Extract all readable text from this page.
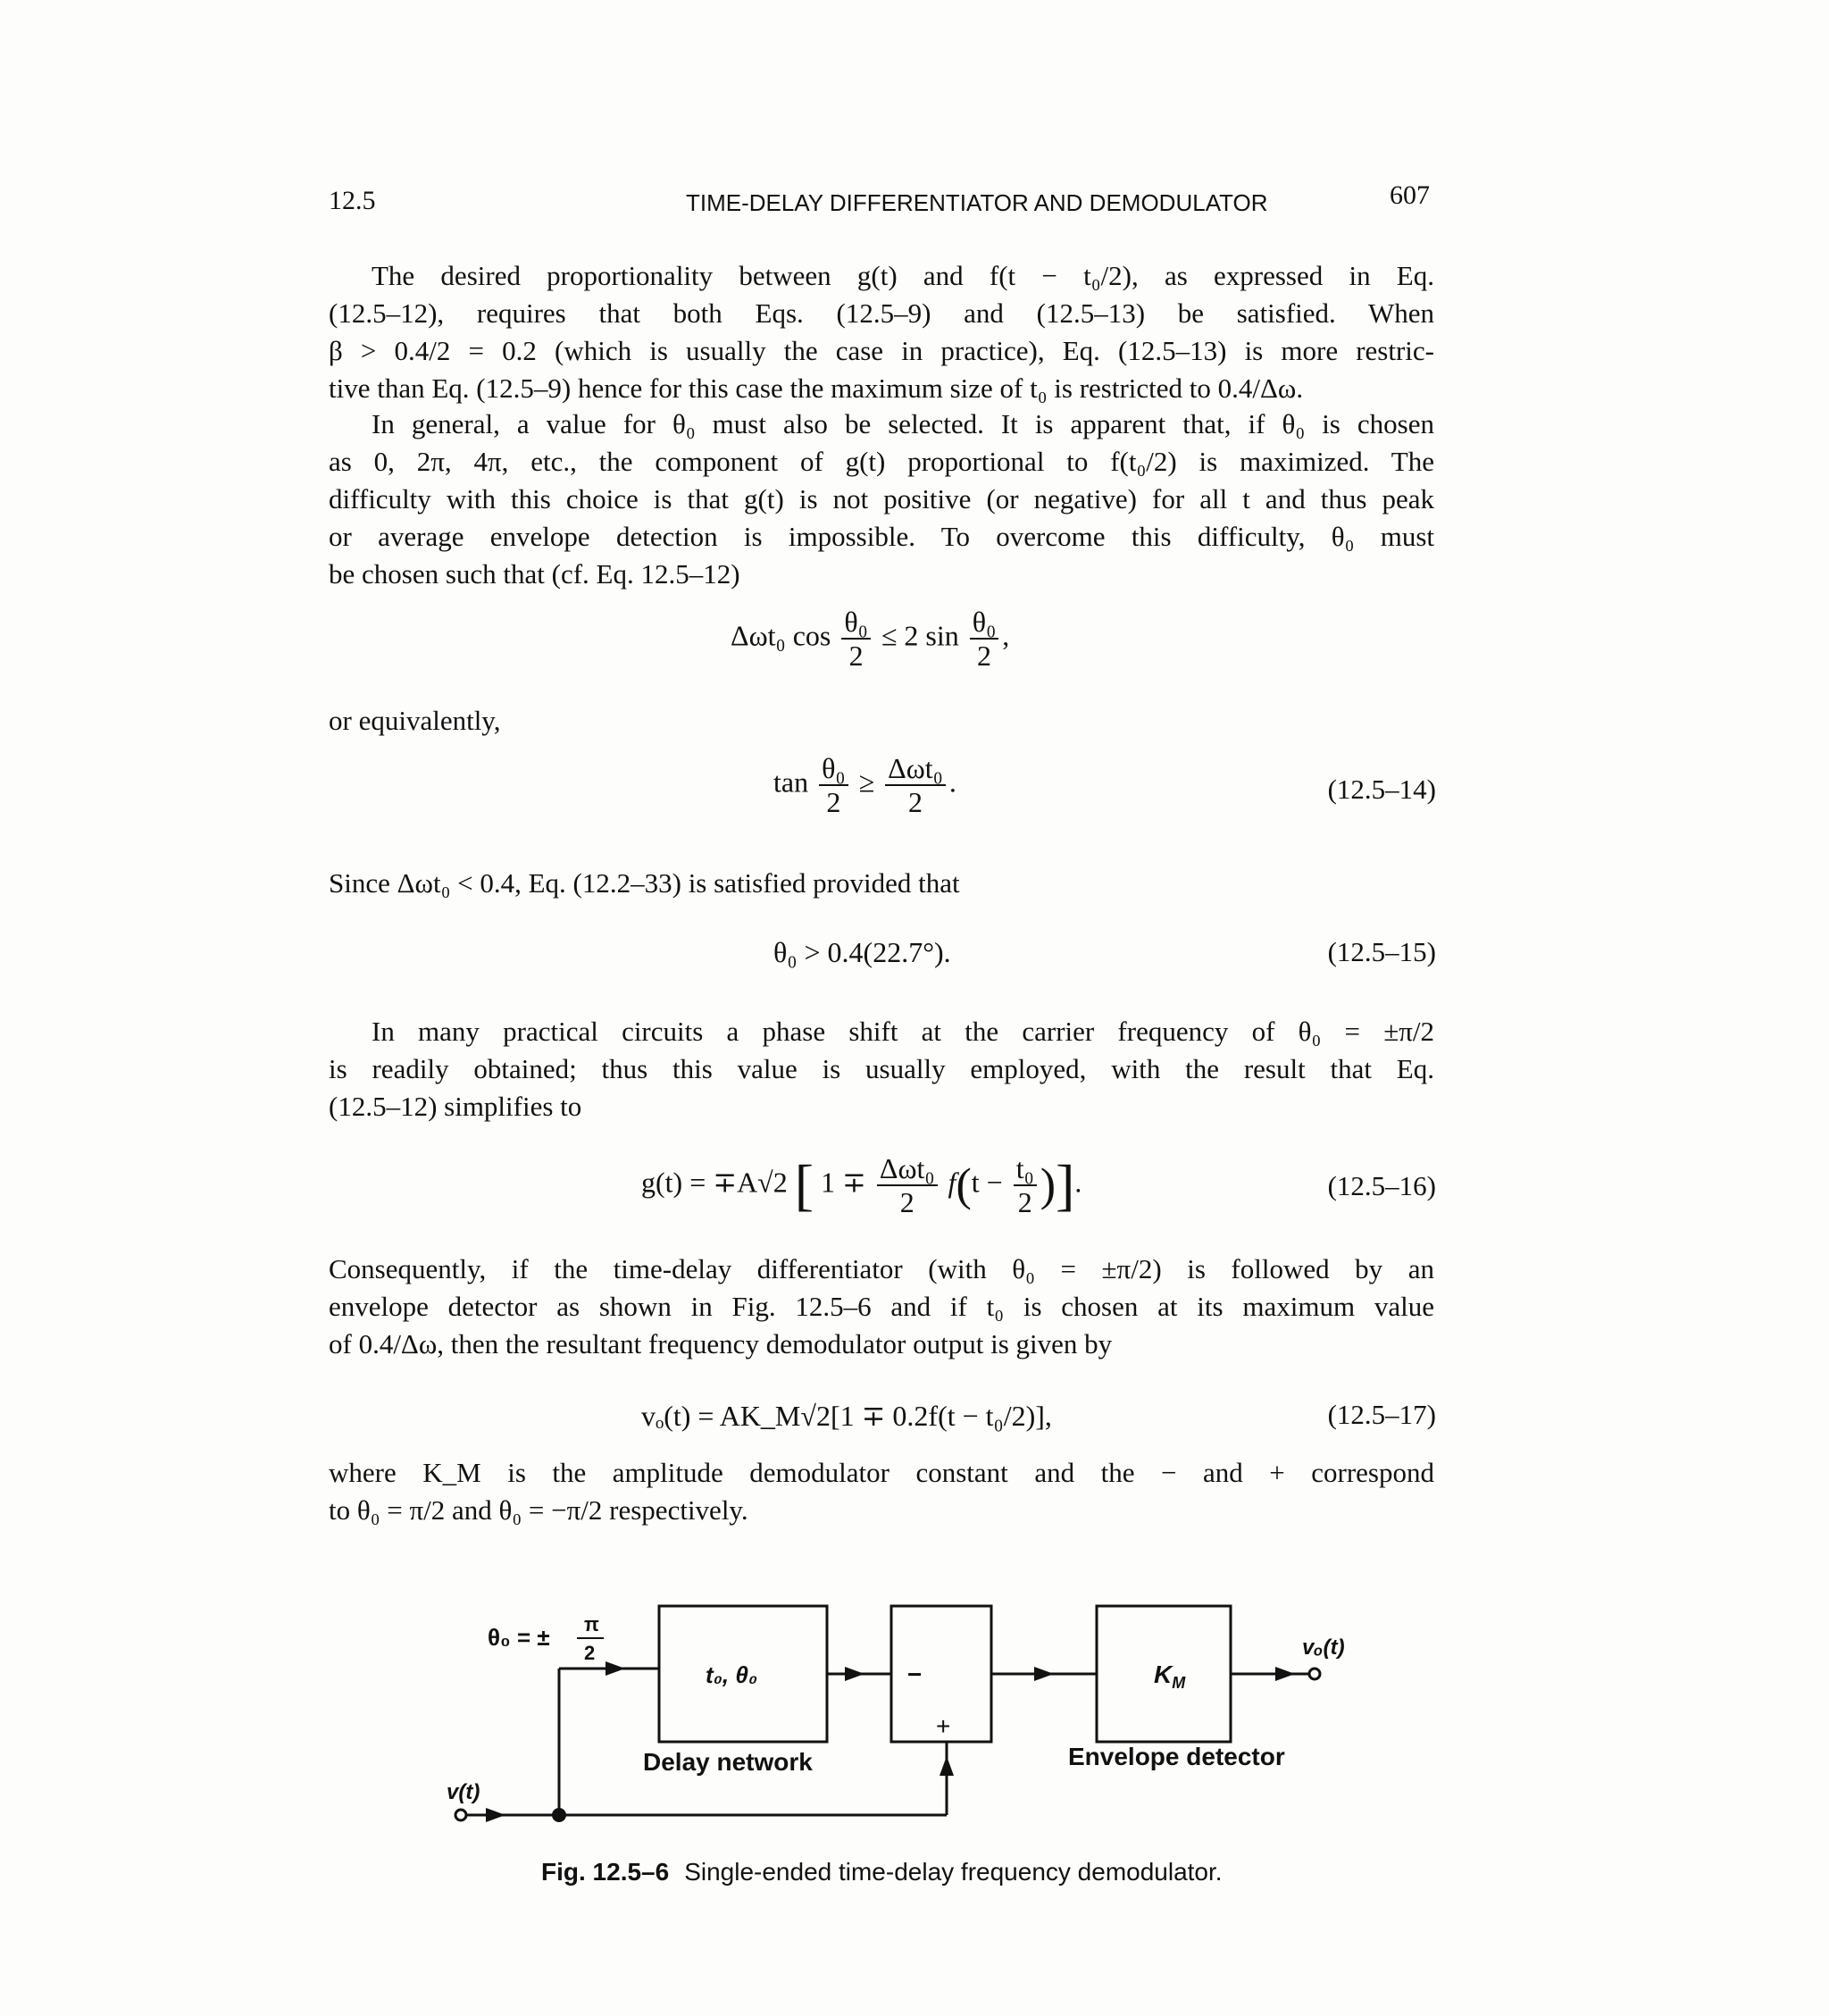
12.5	TIME-DELAY DIFFERENTIATOR AND DEMODULATOR	607
The desired proportionality between g(t) and f(t − t₀/2), as expressed in Eq.
(12.5–12), requires that both Eqs. (12.5–9) and (12.5–13) be satisfied. When
β > 0.4/2 = 0.2 (which is usually the case in practice), Eq. (12.5–13) is more restric-
tive than Eq. (12.5–9) hence for this case the maximum size of t₀ is restricted to 0.4/Δω.
In general, a value for θ₀ must also be selected. It is apparent that, if θ₀ is chosen
as 0, 2π, 4π, etc., the component of g(t) proportional to f(t₀/2) is maximized. The
difficulty with this choice is that g(t) is not positive (or negative) for all t and thus peak
or average envelope detection is impossible. To overcome this difficulty, θ₀ must
be chosen such that (cf. Eq. 12.5–12)
Δωt₀ $\cos \frac{\text{θ₀}}{2} \le 2$ $\sin \frac{\text{θ₀}}{2}$ ,
or equivalently,
$\tan \frac{\text{θ₀}}{2} \ge \frac{\text{Δωt₀}}{2}$ .	(12.5–14)
Since Δωt₀ < 0.4, Eq. (12.2–33) is satisfied provided that
θ₀ > 0.4(22.7°).	(12.5–15)
In many practical circuits a phase shift at the carrier frequency of θ₀ = ±π/2
is readily obtained; thus this value is usually employed, with the result that Eq.
(12.5–12) simplifies to
g(t) = ∓A√2 [ $1 \mp \frac{\text{Δωt₀}}{2} f(t - \frac{\text{t₀}}{2}$ )].	(12.5–16)
Consequently, if the time-delay differentiator (with θ₀ = ±π/2) is followed by an
envelope detector as shown in Fig. 12.5–6 and if t₀ is chosen at its maximum value
of 0.4/Δω, then the resultant frequency demodulator output is given by
vₒ(t) = AK_M√2[1 ∓ 0.2f(t − t₀/2)],	(12.5–17)
where K_M is the amplitude demodulator constant and the − and + correspond
to θ₀ = π/2 and θ₀ = −π/2 respectively.
θ₀ = ± π
2
t₀, θ₀	−
+
$K_M$
vₒ(t)
v(t)
Delay network	Envelope detector
Fig. 12.5–6 Single-ended time-delay frequency demodulator.
